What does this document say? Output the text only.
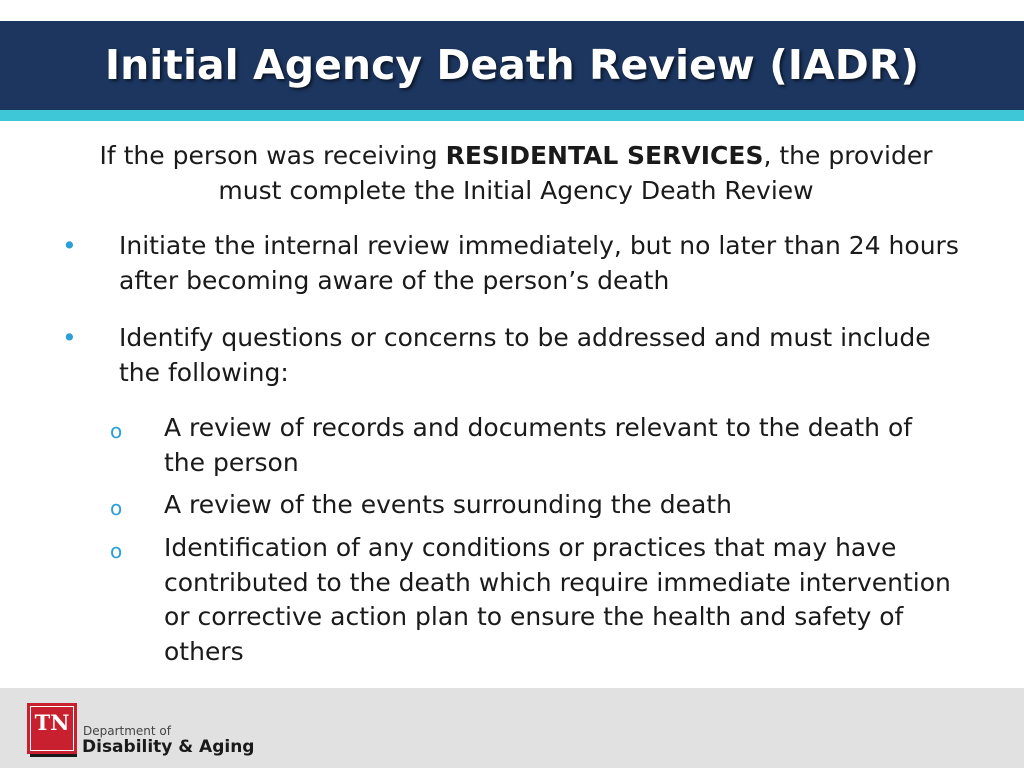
Initial Agency Death Review (IADR)
If the person was receiving RESIDENTAL SERVICES, the provider
must complete the Initial Agency Death Review
• Initiate the internal review immediately, but no later than 24 hours
after becoming aware of the person’s death
• Identify questions or concerns to be addressed and must include
the following:
o	A review of records and documents relevant to the death of
the person
o	A review of the events surrounding the death
o	Identification of any conditions or practices that may have
contributed to the death which require immediate intervention
or corrective action plan to ensure the health and safety of
others
TN	Department of
Disability & Aging
